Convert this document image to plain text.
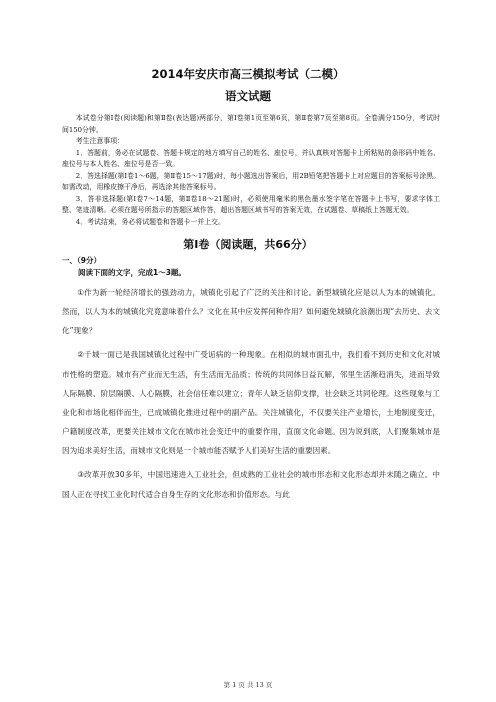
2014年安庆市高三模拟考试（二模）
语文试题

本试卷分第Ⅰ卷(阅读题)和第Ⅱ卷(表达题)两部分，第Ⅰ卷第1页至第6页，第Ⅱ卷第7页至第8页。全卷满分150分，考试时间150分钟。

考生注意事项：

1．答题前，务必在试题卷、答题卡规定的地方填写自己的姓名、座位号，并认真核对答题卡上所粘贴的条形码中姓名、座位号与本人姓名、座位号是否一致。

2．答选择题(第Ⅰ卷1～6题，第Ⅱ卷15～17题)时，每小题选出答案后，用2B铅笔把答题卡上对应题目的答案标号涂黑。如需改动，用橡皮擦干净后，再选涂其他答案标号。

3．答非选择题(第Ⅰ卷7～14题，第Ⅱ卷18～21题)时，必须使用毫米的黑色墨水签字笔在答题卡上书写，要求字体工整、笔迹清晰。必须在题号所指示的答题区域作答，超出答题区域书写的答案无效，在试题卷、草稿纸上答题无效。

4．考试结束，务必将试题卷和答题卡一并上交。

第Ⅰ卷（阅读题，共66分）
一、（9分）
阅读下面的文字，完成1～3题。

①作为新一轮经济增长的强劲动力，城镇化引起了广泛的关注和讨论。新型城镇化应是以人为本的城镇化。然而，以人为本的城镇化究竟意味着什么？文化在其中应发挥何种作用？如何避免城镇化浪潮出现“去历史、去文化”现象？

②千城一面已是我国城镇化过程中广受诟病的一种现象。在相似的城市面孔中，我们看不到历史和文化对城市性格的塑造。城市有产业而无生活，有生活而无品质；传统的共同体日益瓦解，邻里生活渐趋消失，进而导致人际隔膜、阶层隔膜、人心隔膜，社会信任难以建立；青年人缺乏信仰支撑，社会缺乏共同伦理。这些现象与工业化和市场化相伴而生，已成城镇化推进过程中的副产品。关注城镇化，不仅要关注产业增长，土地制度变迁，户籍制度改革，更要关注城市文化在城市社会变迁中的重要作用，直面文化命题。因为说到底，人们聚集城市是因为追求美好生活，而城市文化则是一个城市能否赋予人们美好生活的重要因素。

③改革开放30多年，中国迅速进入工业社会，但成熟的工业社会的城市形态和文化形态却并未随之确立。中国人正在寻找工业化时代适合自身生存的文化形态和价值形态。与此

第 1 页 共 13 页
